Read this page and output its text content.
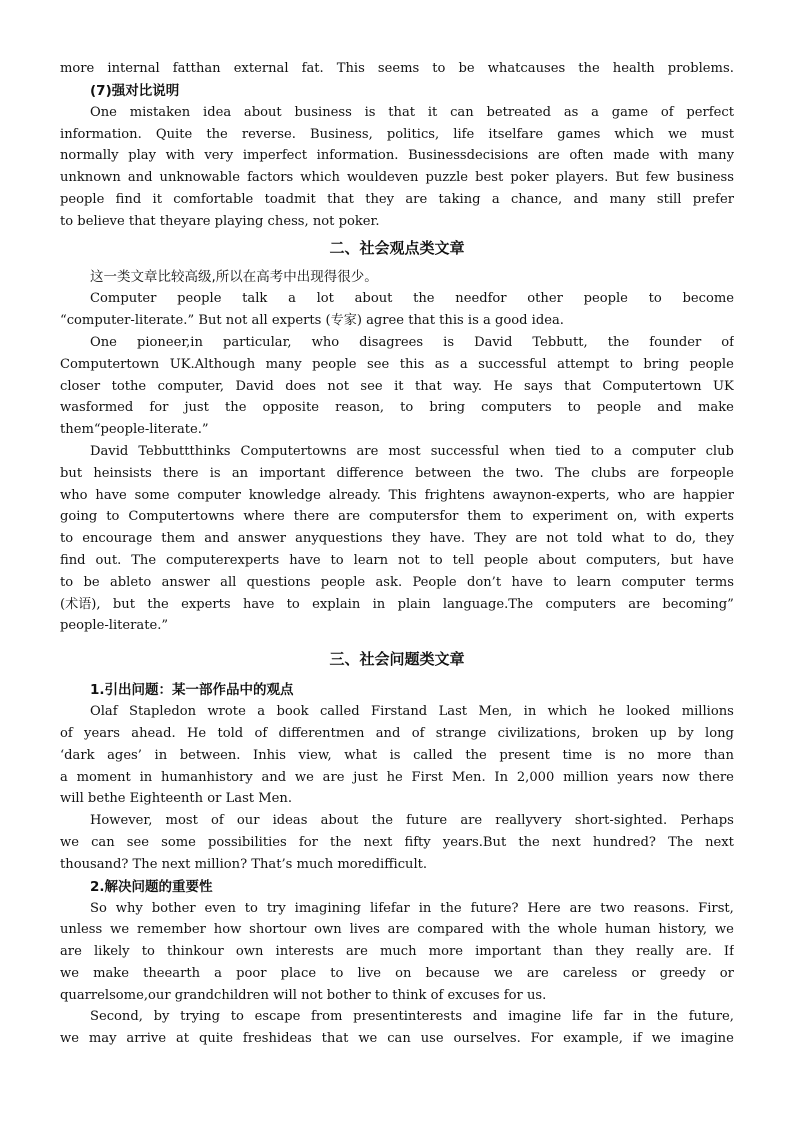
more internal fatthan external fat. This seems to be whatcauses the health problems.
(7)强对比说明
One mistaken idea about business is that it can betreated as a game of perfect
information. Quite the reverse. Business, politics, life itselfare games which we must
normally play with very imperfect information. Businessdecisions are often made with many
unknown and unknowable factors which wouldeven puzzle best poker players. But few business
people find it comfortable toadmit that they are taking a chance, and many still prefer
to believe that theyare playing chess, not poker.
二、社会观点类文章
这一类文章比较高级,所以在高考中出现得很少。
Computer people talk a lot about the needfor other people to become
“computer-literate.” But not all experts (专家) agree that this is a good idea.
One pioneer,in particular, who disagrees is David Tebbutt, the founder of
Computertown UK.Although many people see this as a successful attempt to bring people
closer tothe computer, David does not see it that way. He says that Computertown UK
wasformed for just the opposite reason, to bring computers to people and make
them“people-literate.”
David Tebbuttthinks Computertowns are most successful when tied to a computer club
but heinsists there is an important difference between the two. The clubs are forpeople
who have some computer knowledge already. This frightens awaynon-experts, who are happier
going to Computertowns where there are computersfor them to experiment on, with experts
to encourage them and answer anyquestions they have. They are not told what to do, they
find out. The computerexperts have to learn not to tell people about computers, but have
to be ableto answer all questions people ask. People don’t have to learn computer terms
(术语), but the experts have to explain in plain language.The computers are becoming”
people-literate.”
三、社会问题类文章
1.引出问题：某一部作品中的观点
Olaf Stapledon wrote a book called Firstand Last Men, in which he looked millions
of years ahead. He told of differentmen and of strange civilizations, broken up by long
‘dark ages’ in between. Inhis view, what is called the present time is no more than
a moment in humanhistory and we are just he First Men. In 2,000 million years now there
will bethe Eighteenth or Last Men.
However, most of our ideas about the future are reallyvery short-sighted. Perhaps
we can see some possibilities for the next fifty years.But the next hundred? The next
thousand? The next million? That’s much moredifficult.
2.解决问题的重要性
So why bother even to try imagining lifefar in the future? Here are two reasons. First,
unless we remember how shortour own lives are compared with the whole human history, we
are likely to thinkour own interests are much more important than they really are. If
we make theearth a poor place to live on because we are careless or greedy or
quarrelsome,our grandchildren will not bother to think of excuses for us.
Second, by trying to escape from presentinterests and imagine life far in the future,
we may arrive at quite freshideas that we can use ourselves. For example, if we imagine
